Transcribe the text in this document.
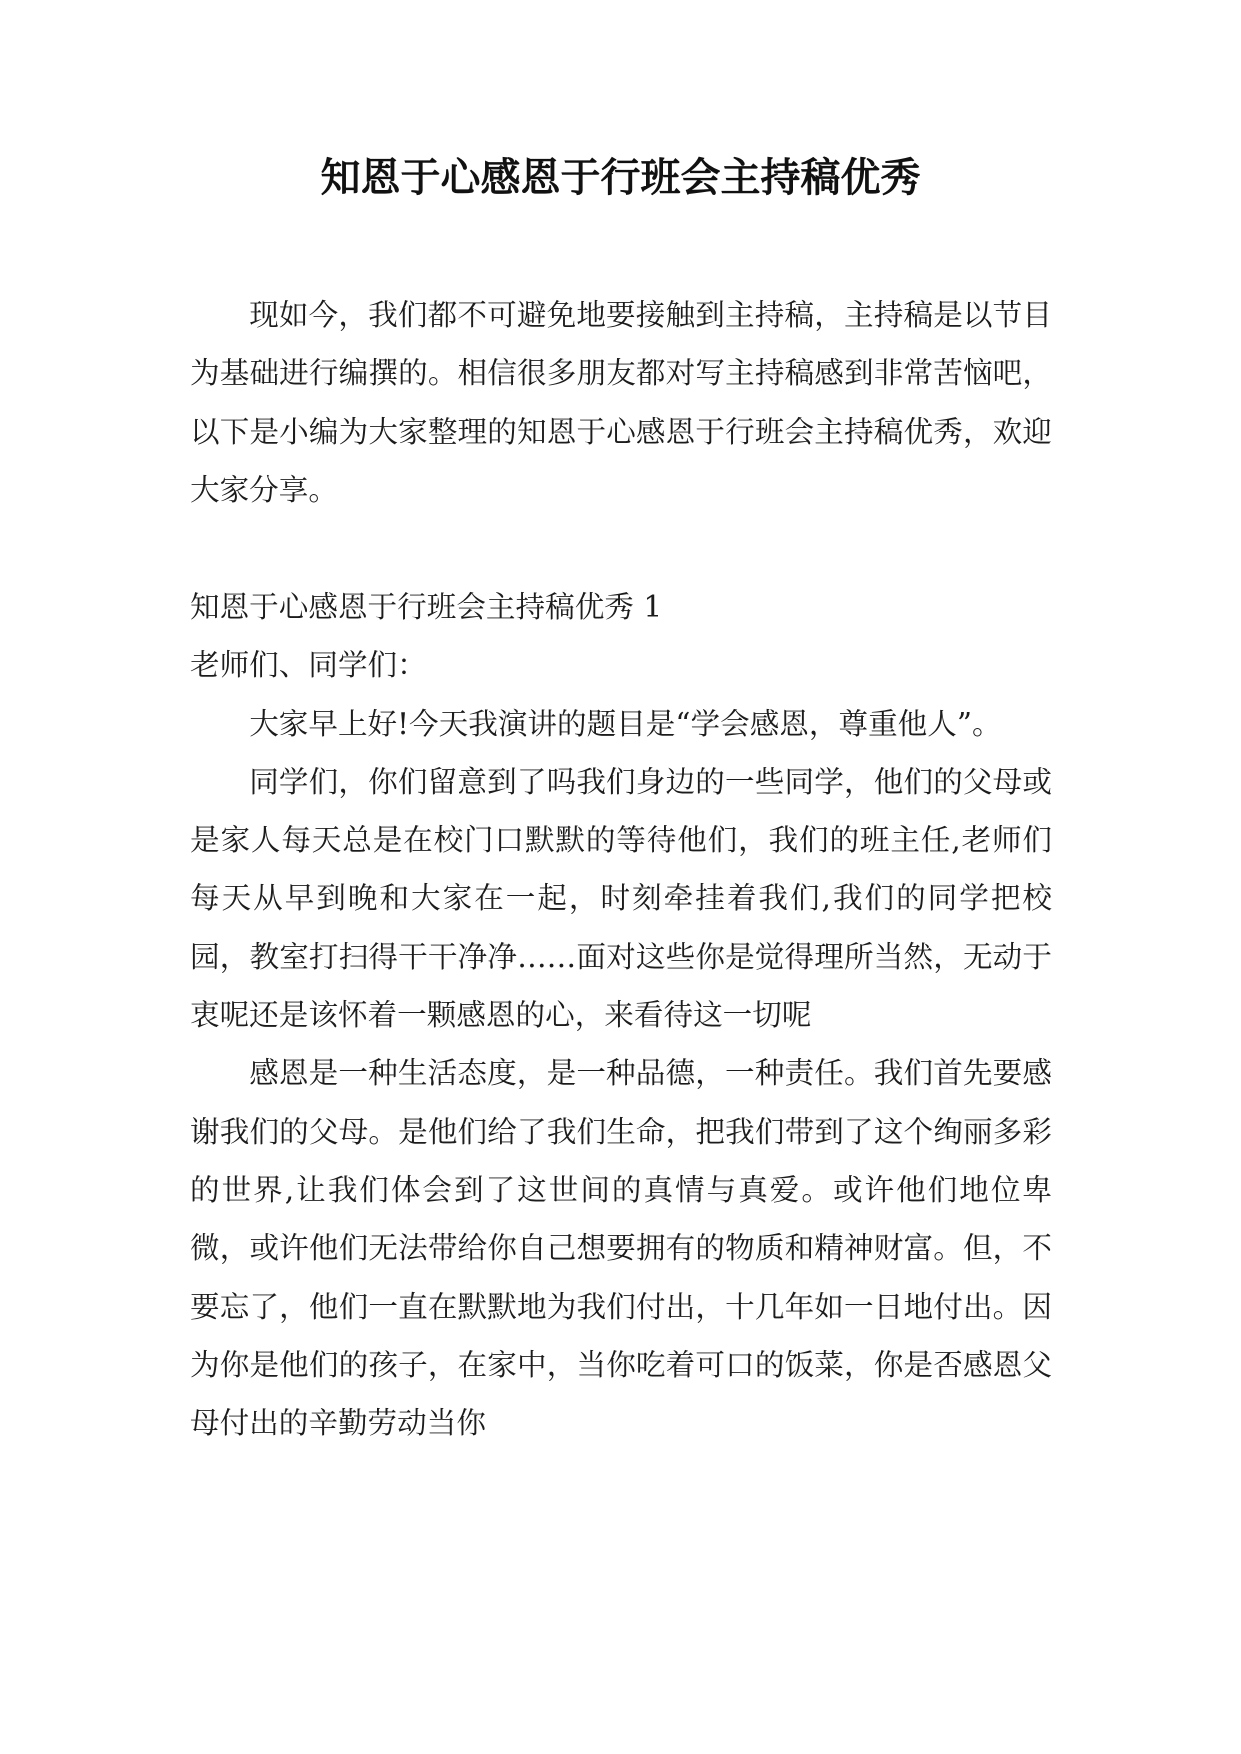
知恩于心感恩于行班会主持稿优秀

现如今，我们都不可避免地要接触到主持稿，主持稿是以节目为基础进行编撰的。相信很多朋友都对写主持稿感到非常苦恼吧，以下是小编为大家整理的知恩于心感恩于行班会主持稿优秀，欢迎大家分享。

知恩于心感恩于行班会主持稿优秀 1

老师们、同学们：

大家早上好!今天我演讲的题目是“学会感恩，尊重他人”。

同学们，你们留意到了吗我们身边的一些同学，他们的父母或是家人每天总是在校门口默默的等待他们，我们的班主任,老师们每天从早到晚和大家在一起，时刻牵挂着我们,我们的同学把校园，教室打扫得干干净净……面对这些你是觉得理所当然，无动于衷呢还是该怀着一颗感恩的心，来看待这一切呢

感恩是一种生活态度，是一种品德，一种责任。我们首先要感谢我们的父母。是他们给了我们生命，把我们带到了这个绚丽多彩的世界,让我们体会到了这世间的真情与真爱。或许他们地位卑微，或许他们无法带给你自己想要拥有的物质和精神财富。但，不要忘了，他们一直在默默地为我们付出，十几年如一日地付出。因为你是他们的孩子，在家中，当你吃着可口的饭菜，你是否感恩父母付出的辛勤劳动当你
